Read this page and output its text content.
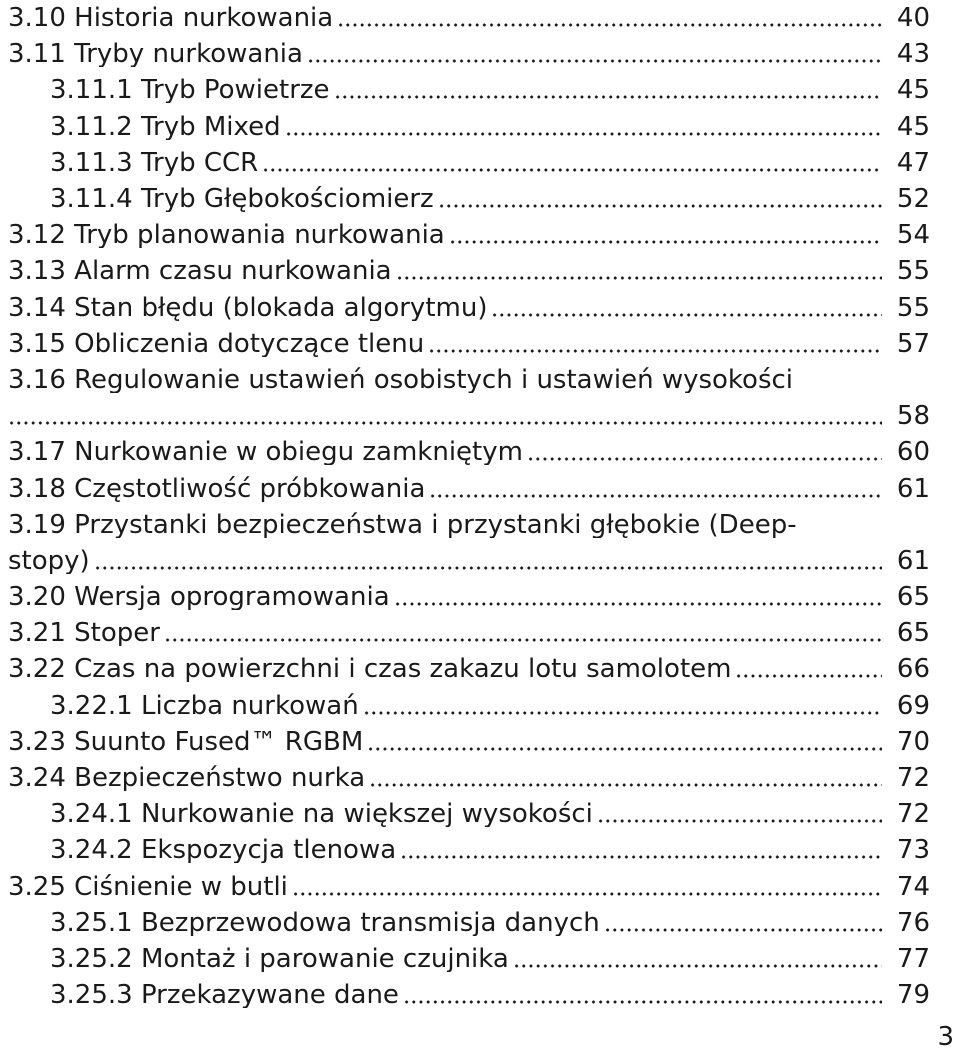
3.10 Historia nurkowania	40
3.11 Tryby nurkowania	43
3.11.1 Tryb Powietrze	45
3.11.2 Tryb Mixed	45
3.11.3 Tryb CCR	47
3.11.4 Tryb Głębokościomierz	52
3.12 Tryb planowania nurkowania	54
3.13 Alarm czasu nurkowania	55
3.14 Stan błędu (blokada algorytmu)	55
3.15 Obliczenia dotyczące tlenu	57
3.16 Regulowanie ustawień osobistych i ustawień wysokości
58
3.17 Nurkowanie w obiegu zamkniętym	60
3.18 Częstotliwość próbkowania	61
3.19 Przystanki bezpieczeństwa i przystanki głębokie (Deep-
stopy)	61
3.20 Wersja oprogramowania	65
3.21 Stoper	65
3.22 Czas na powierzchni i czas zakazu lotu samolotem	66
3.22.1 Liczba nurkowań	69
3.23 Suunto Fused™ RGBM	70
3.24 Bezpieczeństwo nurka	72
3.24.1 Nurkowanie na większej wysokości	72
3.24.2 Ekspozycja tlenowa	73
3.25 Ciśnienie w butli	74
3.25.1 Bezprzewodowa transmisja danych	76
3.25.2 Montaż i parowanie czujnika	77
3.25.3 Przekazywane dane	79
3
